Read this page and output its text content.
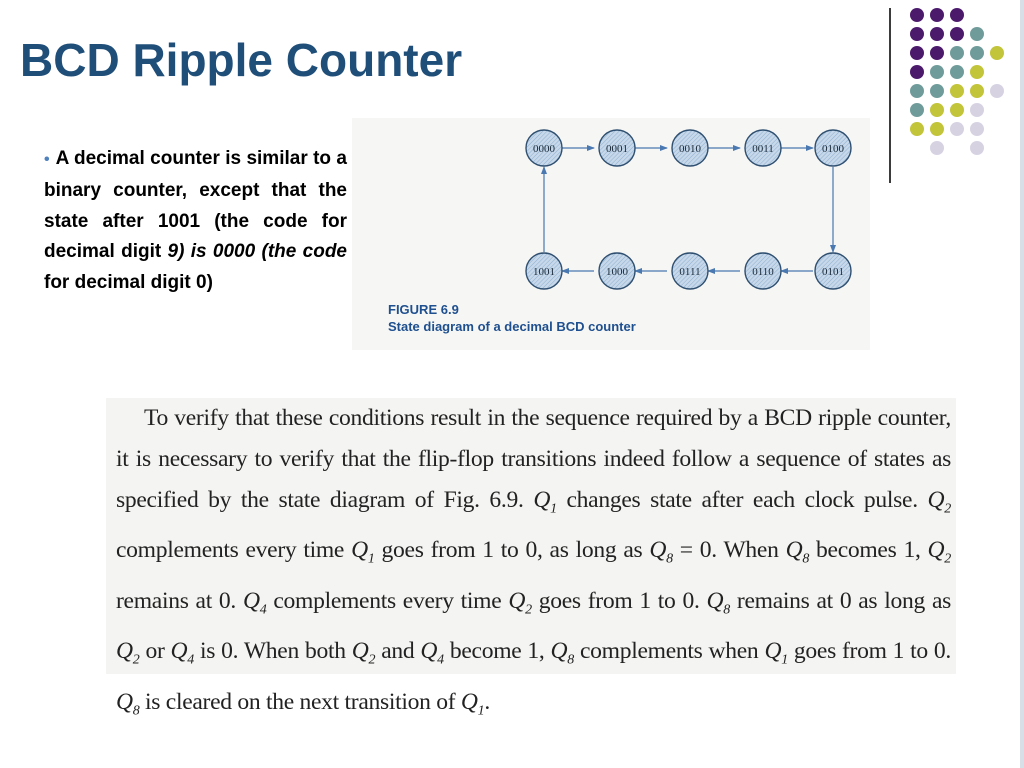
BCD Ripple Counter
• A decimal counter is similar to a binary counter, except that the state after 1001 (the code for decimal digit 9) is 0000 (the code for decimal digit 0)
0000	0001	0010	0011	0100
1001	1000	0111	0110	0101
FIGURE 6.9
State diagram of a decimal BCD counter

To verify that these conditions result in the sequence required by a BCD ripple counter, it is necessary to verify that the flip-flop transitions indeed follow a sequence of states as specified by the state diagram of Fig. 6.9. $Q_1$ changes state after each clock pulse. $Q_2$ complements every time $Q_1$ goes from 1 to 0, as long as $Q_8 = 0$. When $Q_8$ becomes 1, $Q_2$ remains at 0. $Q_4$ complements every time $Q_2$ goes from 1 to 0. $Q_8$ remains at 0 as long as $Q_2$ or $Q_4$ is 0. When both $Q_2$ and $Q_4$ become 1, $Q_8$ complements when $Q_1$ goes from 1 to 0. $Q_8$ is cleared on the next transition of $Q_1$.
